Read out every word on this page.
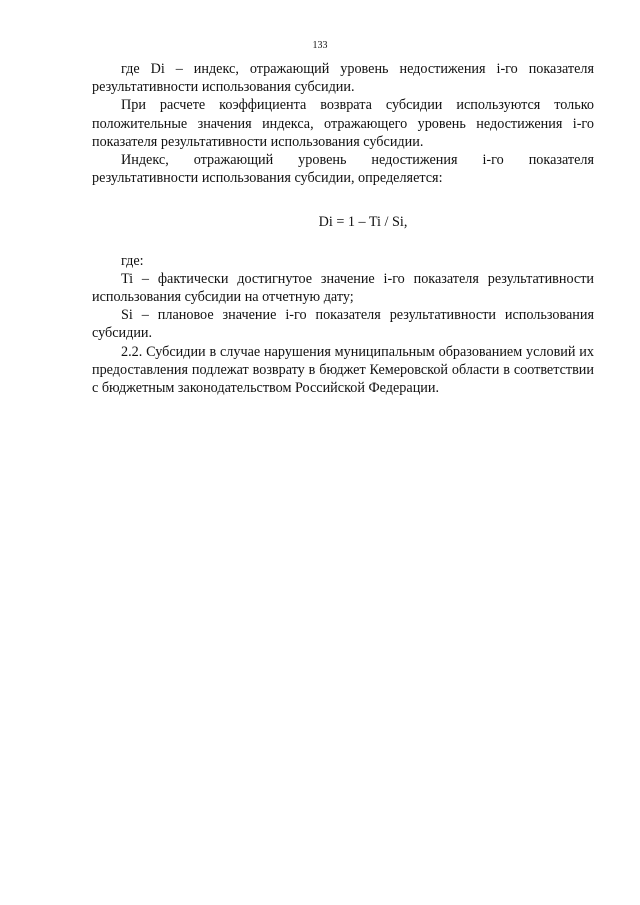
133

где Di – индекс, отражающий уровень недостижения i-го показателя результативности использования субсидии.

При расчете коэффициента возврата субсидии используются только положительные значения индекса, отражающего уровень недостижения i-го показателя результативности использования субсидии.

Индекс, отражающий уровень недостижения i-го показателя

результативности использования субсидии, определяется:

Di = 1 – Ti / Si,

где:

Ti – фактически достигнутое значение i-го показателя результативности использования субсидии на отчетную дату;

Si – плановое значение i-го показателя результативности использования субсидии.

2.2. Субсидии в случае нарушения муниципальным образованием условий их предоставления подлежат возврату в бюджет Кемеровской области в соответствии с бюджетным законодательством Российской Федерации.
